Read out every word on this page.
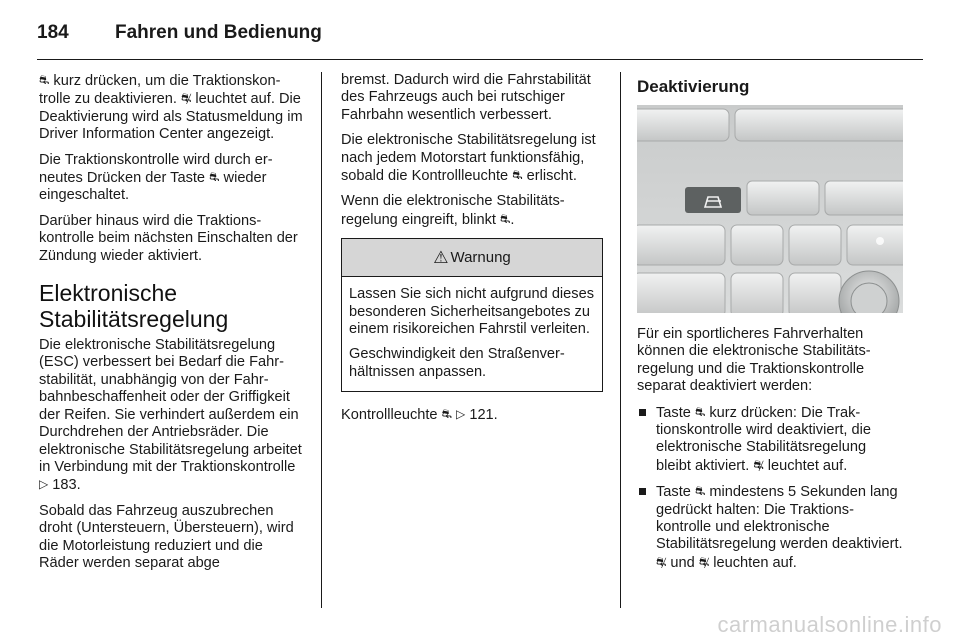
184	Fahren und Bedienung

⛐ kurz drücken, um die Traktionskontrolle zu deaktivieren. ⛐̸ leuchtet auf. Die Deaktivierung wird als Statusmeldung im Driver Information Center angezeigt.

Die Traktionskontrolle wird durch erneutes Drücken der Taste ⛐ wieder eingeschaltet.

Darüber hinaus wird die Traktionskontrolle beim nächsten Einschalten der Zündung wieder aktiviert.

Elektronische Stabilitätsregelung

Die elektronische Stabilitätsregelung (ESC) verbessert bei Bedarf die Fahrstabilität, unabhängig von der Fahrbahnbeschaffenheit oder der Griffigkeit der Reifen. Sie verhindert außerdem ein Durchdrehen der Antriebsräder. Die elektronische Stabilitätsregelung arbeitet in Verbindung mit der Traktionskontrolle ▷ 183.

Sobald das Fahrzeug auszubrechen droht (Untersteuern, Übersteuern), wird die Motorleistung reduziert und die Räder werden separat abge

bremst. Dadurch wird die Fahrstabilität des Fahrzeugs auch bei rutschiger Fahrbahn wesentlich verbessert.

Die elektronische Stabilitätsregelung ist nach jedem Motorstart funktionsfähig, sobald die Kontrollleuchte ⛐ erlischt.

Wenn die elektronische Stabilitätsregelung eingreift, blinkt ⛐.

⚠ Warnung

Lassen Sie sich nicht aufgrund dieses besonderen Sicherheitsangebotes zu einem risikoreichen Fahrstil verleiten.

Geschwindigkeit den Straßenverhältnissen anpassen.

Kontrollleuchte ⛐ ▷ 121.

Deaktivierung

Für ein sportlicheres Fahrverhalten können die elektronische Stabilitätsregelung und die Traktionskontrolle separat deaktiviert werden:

Taste ⛐ kurz drücken: Die Traktionskontrolle wird deaktiviert, die elektronische Stabilitätsregelung bleibt aktiviert. ⛐̸ leuchtet auf.
Taste ⛐ mindestens 5 Sekunden lang gedrückt halten: Die Traktionskontrolle und elektronische Stabilitätsregelung werden deaktiviert. ⛐̸ und ⛐̸ leuchten auf.
carmanualsonline.info
